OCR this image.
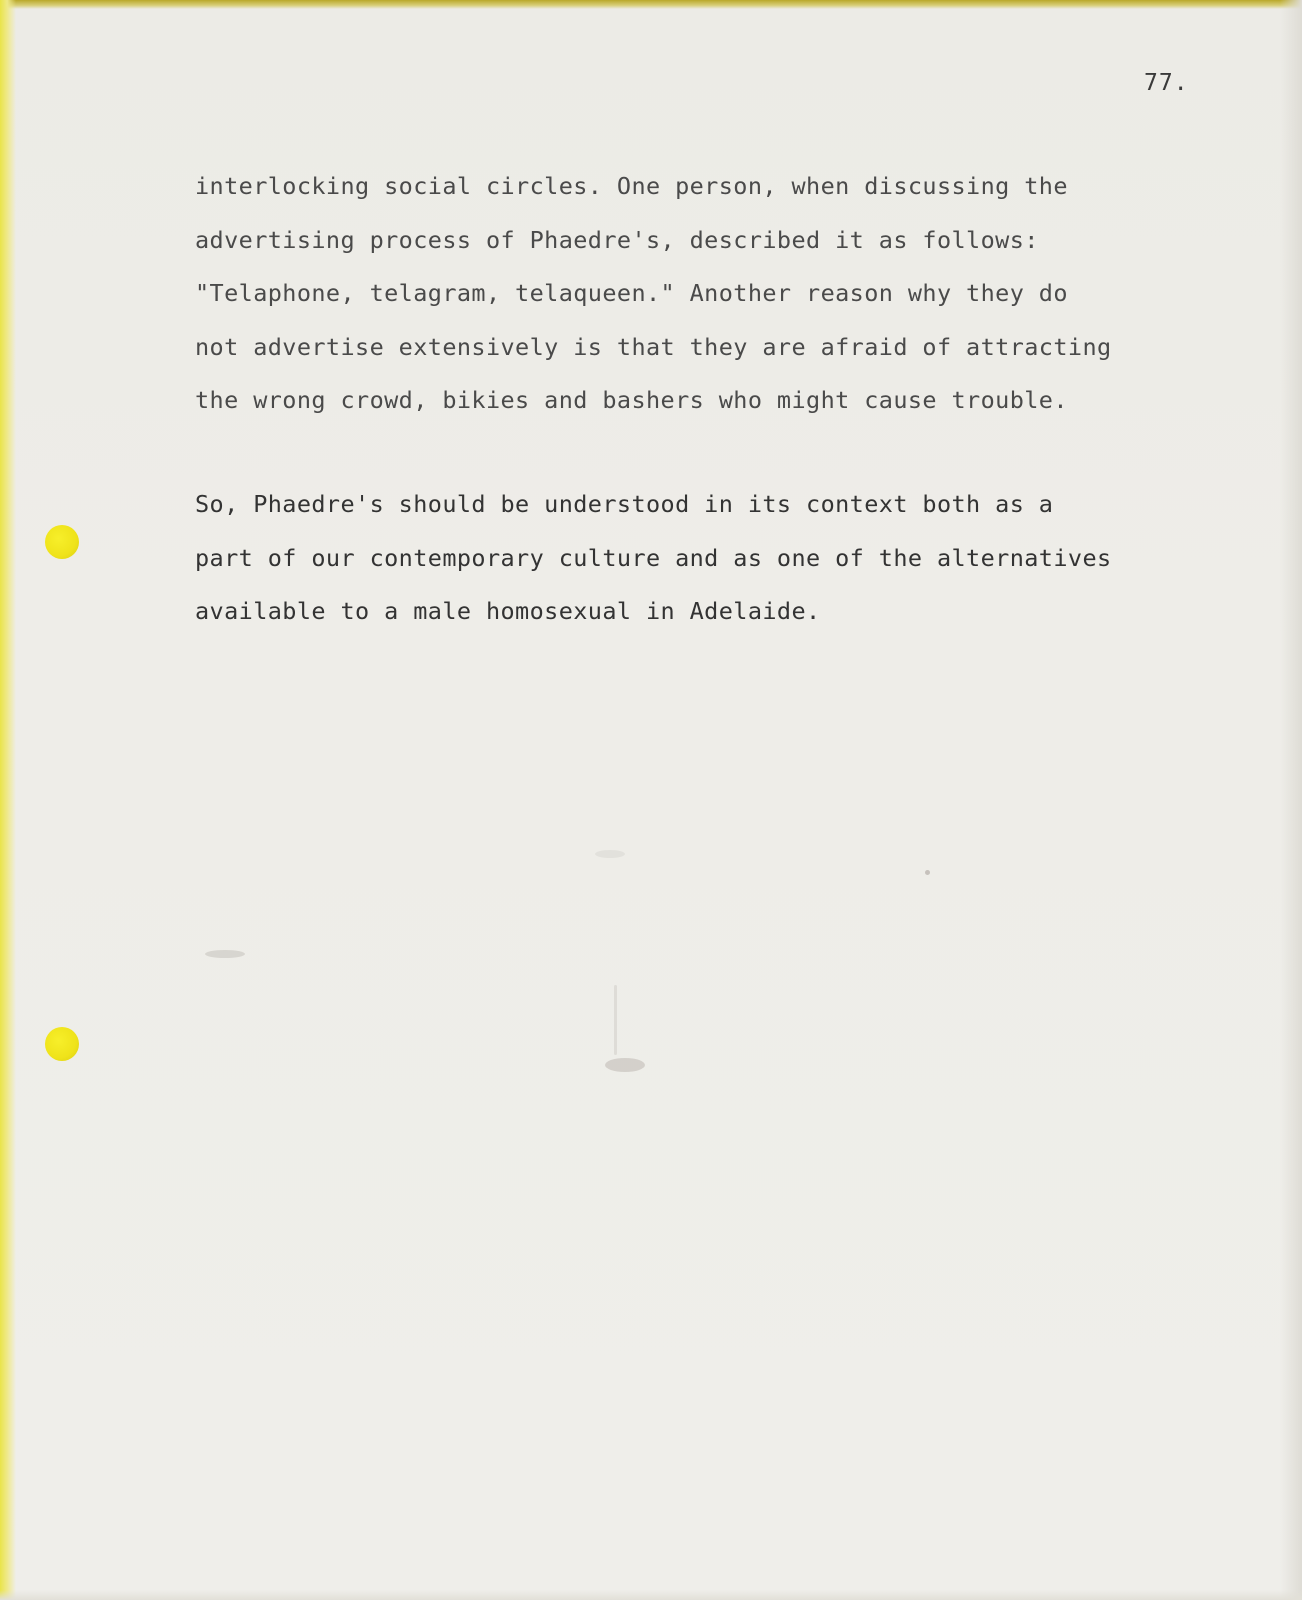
77.
interlocking social circles. One person, when discussing the
advertising process of Phaedre's, described it as follows:
"Telaphone, telagram, telaqueen." Another reason why they do
not advertise extensively is that they are afraid of attracting
the wrong crowd, bikies and bashers who might cause trouble.
So, Phaedre's should be understood in its context both as a
part of our contemporary culture and as one of the alternatives
available to a male homosexual in Adelaide.
